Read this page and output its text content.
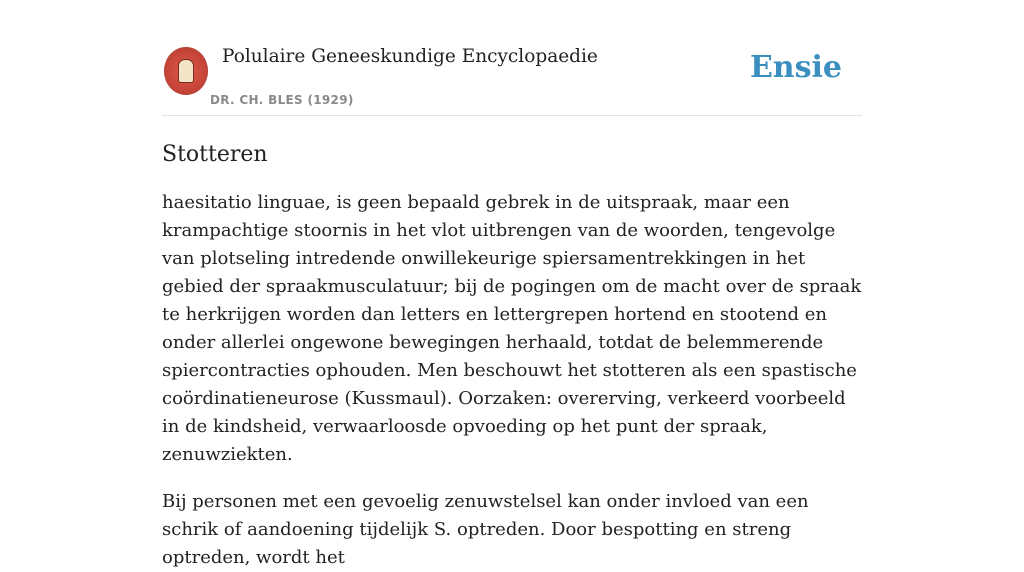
Polulaire Geneeskundige Encyclopaedie
DR. CH. BLES (1929)
Ensie
Stotteren

haesitatio linguae, is geen bepaald gebrek in de uitspraak, maar een krampachtige stoornis in het vlot uitbrengen van de woorden, tengevolge van plotseling intredende onwillekeurige spiersamentrekkingen in het gebied der spraakmusculatuur; bij de pogingen om de macht over de spraak te herkrijgen worden dan letters en lettergrepen hortend en stootend en onder allerlei ongewone bewegingen herhaald, totdat de belemmerende spiercontracties ophouden. Men beschouwt het stotteren als een spastische coördinatieneurose (Kussmaul). Oorzaken: overerving, verkeerd voorbeeld in de kindsheid, verwaarloosde opvoeding op het punt der spraak, zenuwziekten.

Bij personen met een gevoelig zenuwstelsel kan onder invloed van een schrik of aandoening tijdelijk S. optreden. Door bespotting en streng optreden, wordt het
